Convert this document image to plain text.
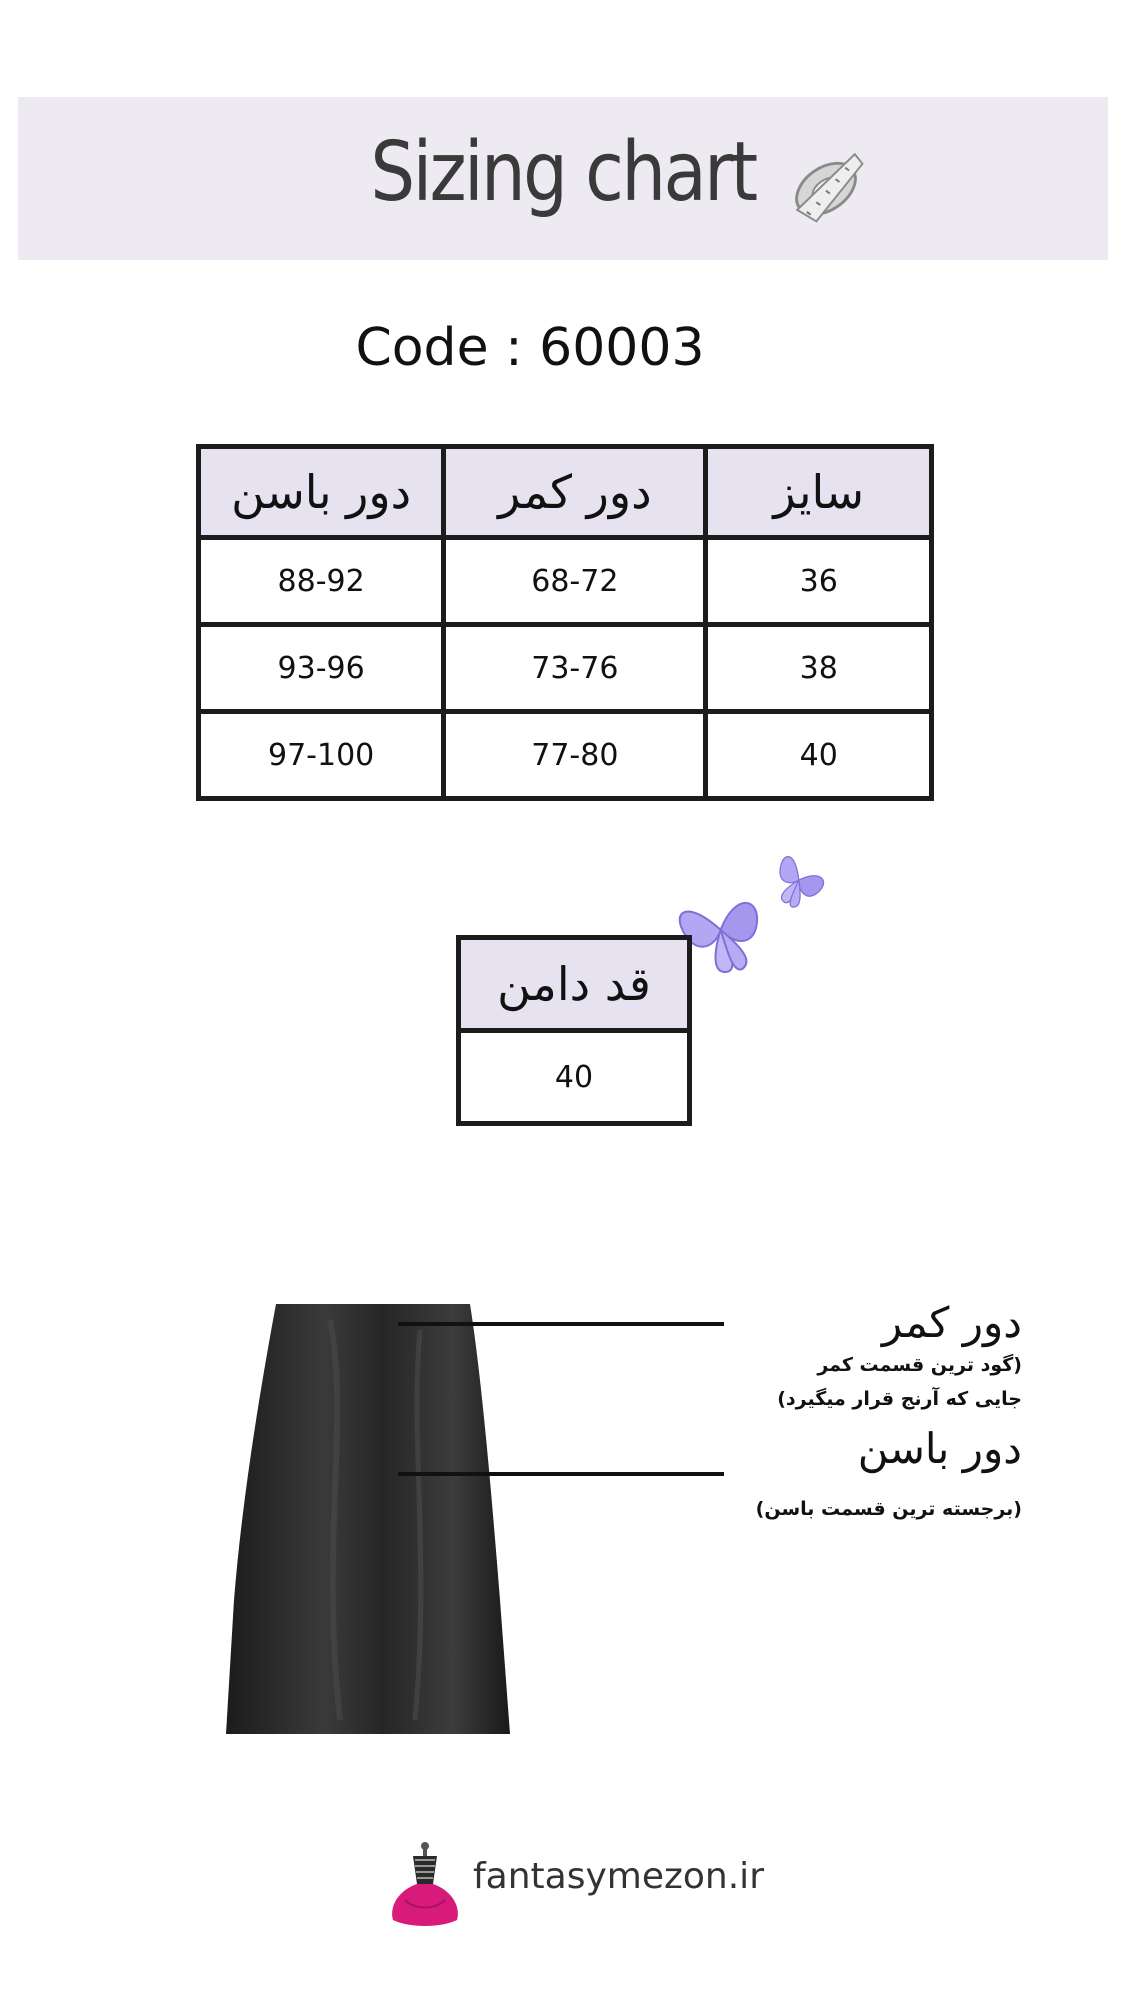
Sizing chart
Code : 60003
دور باسن	دور کمر	سایز
88-92	68-72	36
93-96	73-76	38
97-100	77-80	40
قد دامن
40
دور کمر
(گود ترین قسمت کمر
جایی که آرنج قرار میگیرد)
دور باسن
(برجسته ترین قسمت باسن)
fantasymezon.ir
